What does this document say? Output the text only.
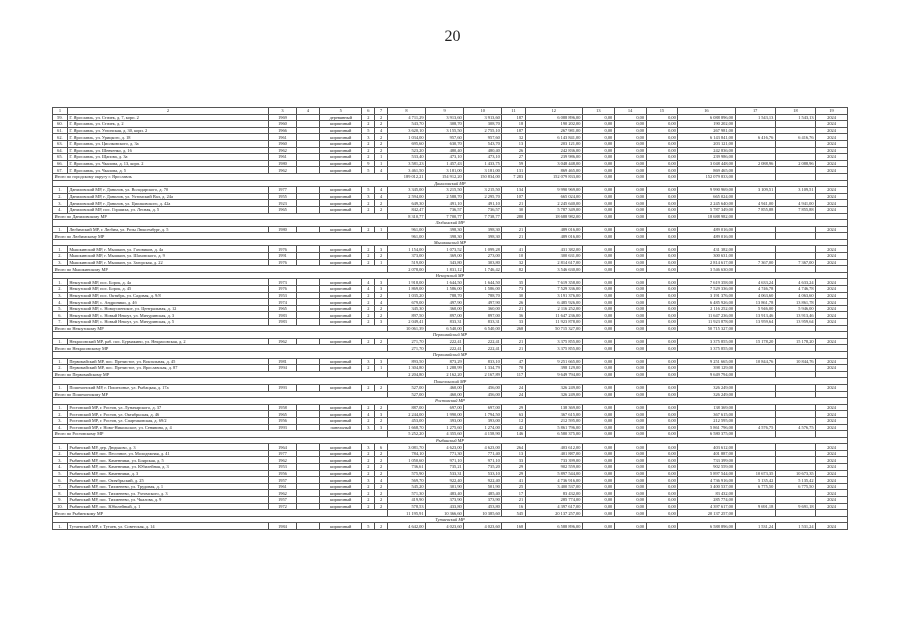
20
1	2	3	4	5	6	7	8	9	10	11	12	13	14	15	16	17	18	19
59.	Г. Ярославль, ул. Стачек, д. 7, корп. 2	1969		деревянный	2	2	4 711,29	3 913,60	3 913,60	187	6 088 896,00	0,00	0,00	0,00	6 088 896,00	1 543,13	1 543,13	2024
60.	Г. Ярославль, ул. Стачек, д. 2	1960		кирпичный	2	2	543,70	308,70	308,70	18	190 202,00	0,00	0,00	0,00	190 202,00			2024
61.	Г. Ярославль, ул. Угличская, д. 30, корп. 2	1966		кирпичный	5	4	3 620,10	3 155,50	2 755,10	187	267 981,00	0,00	0,00	0,00	267 981,00			2024
62.	Г. Ярославль, ул. Урицкого, д. 18	1961		кирпичный	3	2	1 034,00	957,60	957,60	32	6 143 841,00	0,00	0,00	0,00	6 143 841,00	6 416,76	6 416,76	2024
63.	Г. Ярославль, ул. Циолковского, д. 3а	1960		кирпичный	2	2	695,60	630,70	543,70	13	203 121,00	0,00	0,00	0,00	203 121,00			2024
64.	Г. Ярославль, ул. Шевченко, д. 16	1962		кирпичный	2	2	523,20	480,40	480,40	26	242 836,00	0,00	0,00	0,00	242 836,00			2024
65.	Г. Ярославль, ул. Щапова, д. 3а	1961		кирпичный	2	1	533,40	473,10	473,10	27	239 986,00	0,00	0,00	0,00	239 986,00			2024
66.	Г. Ярославль, ул. Чкалова, д. 13, корп. 2	1980		кирпичный	9	1	3 581,23	1 457,43	1 433,75	59	3 048 448,00	0,00	0,00	0,00	3 048 448,00	2 088,96	2 088,96	2024
67.	Г. Ярославль, ул. Чкалова, д. 5	1962		кирпичный	5	4	3 461,50	3 181,00	3 181,00	131	869 465,00	0,00	0,00	0,00	869 465,00			2024
Итого по городскому округу г. Ярославль							189 012,21	154 912,20	150 834,00	7 283	152 079 833,00	0,00	0,00	0,00	152 079 833,00			
Даниловский МР																		
1.	Даниловский МР, г. Данилов, ул. Володарского, д. 70	1977		кирпичный	5	4	3 345,00	3 215,50	3 215,50	134	9 990 969,00	0,00	0,00	0,00	9 990 969,00	3 109,51	3 109,51	2024
2.	Даниловский МР, г. Данилов, ул. Ухтомский Вал, д. 24а	1955		кирпичный	3	4	2 594,00	2 588,70	2 295,70	107	665 024,00	0,00	0,00	0,00	665 024,00			2024
3.	Даниловский МР, г. Данилов, ул. Циолковского, д. 42а	1923		кирпичный	2	2	649,30	491,10	491,10	21	2 245 640,00	0,00	0,00	0,00	2 245 640,00	4 941,00	4 941,00	2024
4.	Даниловский МР, пос. Горшиха, ул. Лесная, д. 5	1965		кирпичный	2	2	842,47	736,57	736,57	30	5 787 349,00	0,00	0,00	0,00	5 787 349,00	7 855,88	7 855,88	2024
Итого по Даниловскому МР							8 310,77	7 700,77	7 738,77	280	18 688 982,00	0,00	0,00	0,00	18 688 982,00			
Любимский МР																		
1.	Любимский МР, г. Любим, ул. Розы Люксембург, д. 5	1980		кирпичный	2	1	961,00	398,30	398,30	21	489 016,00	0,00	0,00	0,00	489 016,00			2024
Итого по Любимскому МР							961,00	398,30	398,30	21	489 016,00	0,00	0,00	0,00	489 016,00			
Мышкинский МР																		
1.	Мышкинский МР, г. Мышкин, ул. Газовиков, д. 4а	1976		кирпичный	2	3	1 154,00	1 073,52	1 099,28	41	431 382,00	0,00	0,00	0,00	431 382,00			2024
2.	Мышкинский МР, г. Мышкин, ул. Шаховского, д. 9	1991		кирпичный	2	2	373,00	369,00	273,00	10	300 631,00	0,00	0,00	0,00	300 631,00			2024
3.	Мышкинский МР, г. Мышкин, ул. Загорская, д. 22	1976		кирпичный	2	1	519,00	343,80	303,80	32	2 814 617,00	0,00	0,00	0,00	2 814 617,00	7 367,00	7 367,00	2024
Итого по Мышкинскому МР							2 078,00	1 831,12	1 746,42	82	3 546 630,00	0,00	0,00	0,00	3 546 630,00			
Некоузский МР																		
1.	Некоузский МР, пос. Борок, д. 4а	1973		кирпичный	4	3	1 918,00	1 644,50	1 644,50	35	7 619 358,00	0,00	0,00	0,00	7 619 358,00	4 633,24	4 633,24	2024
2.	Некоузский МР, пос. Борок, д. 45	1976		кирпичный	4	3	1 869,00	1 586,00	1 586,00	73	7 529 336,00	0,00	0,00	0,00	7 529 336,00	4 746,78	4 746,78	2024
3.	Некоузский МР, пос. Октябрь, ул. Садовая, д. 9/8	1953		кирпичный	2	2	1 035,20	788,70	788,70	30	3 191 376,00	0,00	0,00	0,00	3 191 376,00	4 063,60	4 063,60	2024
4.	Некоузский МР, с. Андроники, д. 4б	1974		кирпичный	2	4	679,00	497,90	497,90	26	6 485 926,00	0,00	0,00	0,00	6 485 926,00	13 861,78	13 861,78	2024
5.	Некоузский МР, с. Новоуспенское, ул. Центральная, д. 12	1965		кирпичный	2	2	345,30	360,00	360,00	21	2 116 252,00	0,00	0,00	0,00	2 116 252,00	5 946,00	5 946,00	2024
6.	Некоузский МР, с. Новый Некоуз, ул. Мичуринская, д. 3	1983		кирпичный	2	2	897,50	897,00	897,00	36	11 647 236,00	0,00	0,00	0,00	11 647 236,00	13 913,46	13 913,46	2024
7.	Некоузский МР, с. Новый Некоуз, ул. Мичуринская, д. 5	1983		кирпичный	2	3	2 049,41	833,31	833,31	33	11 923 878,00	0,00	0,00	0,00	11 923 878,00	13 959,64	13 959,64	2024
Итого по Некоузскому МР							10 061,39	6 540,00	6 540,00	268	50 715 327,00	0,00	0,00	0,00	50 715 327,00			
Первомайский МР																		
1.	Некрасовский МР, раб. пос. Бурмакино, ул. Некрасовская, д. 2	1962		кирпичный	2	2	271,70	222,41	222,41	21	3 375 855,00	0,00	0,00	0,00	3 375 855,00	15 178,20	15 178,20	2024
Итого по Некрасовскому МР							271,70	222,41	222,41	21	3 375 855,00	0,00	0,00	0,00	3 375 855,00			
Первомайский МР																		
1.	Первомайский МР, пос. Пречистое, ул. Вокзальная, д. 45	1981		кирпичный	3	3	893,50	873,29	833,10	47	9 251 665,00	0,00	0,00	0,00	9 251 665,00	10 844,76	10 844,76	2024
2.	Первомайский МР, пос. Пречистое, ул. Ярославская, д. 87	1994		кирпичный	2	1	1 304,80	1 288,99	1 334,79	70	398 129,00	0,00	0,00	0,00	398 129,00			2024
Итого по Первомайскому МР							2 204,80	2 162,20	2 167,89	117	9 649 794,00	0,00	0,00	0,00	9 649 794,00			
Пошехонский МР																		
1.	Пошехонский МР, г. Пошехонье, ул. Рыбацкая, д. 17а	1993		кирпичный	2	2	527,00	460,00	456,00	24	326 249,00	0,00	0,00	0,00	326 249,00			2024
Итого по Пошехонскому МР							527,00	460,00	456,00	24	326 249,00	0,00	0,00	0,00	326 249,00			
Ростовский МР																		
1.	Ростовский МР, г. Ростов, ул. Луначарского, д. 37	1958		кирпичный	2	2	887,00	697,00	697,00	29	138 369,00	0,00	0,00	0,00	138 369,00			2024
2.	Ростовский МР, г. Ростов, ул. Октябрьская, д. 46	1965		кирпичный	4	3	2 244,00	1 990,00	1 794,50	63	367 615,00	0,00	0,00	0,00	367 615,00			2024
3.	Ростовский МР, г. Ростов, ул. Спартаковская, д. 69/2	1956		кирпичный	2	2	453,00	393,00	393,00	12	212 595,00	0,00	0,00	0,00	212 595,00			2024
4.	Ростовский МР, г. Ново-Никольское, ул. Сенявина, д. 4	1993		панельный	3	3	1 668,70	1 275,60	1 274,00	42	5 861 796,00	0,00	0,00	0,00	5 861 796,00	4 576,75	4 576,75	2024
Итого по Ростовскому МР							5 252,20	4 355,60	4 158,90	146	6 580 375,00	0,00	0,00	0,00	6 580 375,00			
Рыбинский МР																		
1.	Рыбинский МР, дер. Дюдьково, д. 3	1964		кирпичный	3	6	3 081,70	4 623,00	4 623,00	264	403 612,00	0,00	0,00	0,00	403 612,00			2024
2.	Рыбинский МР, пос. Песочное, ул. Молодежная, д. 41	1977		кирпичный	2	2	784,10	771,30	771,40	13	401 887,00	0,00	0,00	0,00	401 887,00			2024
3.	Рыбинский МР, пос. Каменники, ул. Боярская, д. 5	1962		кирпичный	2	2	1 050,60	971,10	971,10	33	733 399,00	0,00	0,00	0,00	733 399,00			2024
4.	Рыбинский МР, пос. Каменники, ул. Юбилейная, д. 3	1953		кирпичный	2	2	736,61	735,21	735,20	29	902 559,00	0,00	0,00	0,00	902 559,00			2024
5.	Рыбинский МР, пос. Каменники, д. 3	1956		кирпичный	2	2	575,90	533,31	533,10	29	5 897 544,00	0,00	0,00	0,00	5 897 544,00	10 673,35	10 673,35	2024
6.	Рыбинский МР, пос. Октябрьский, д. 25	1957		кирпичный	3	4	569,70	922,40	922,40	41	4 736 916,00	0,00	0,00	0,00	4 736 916,00	5 135,42	5 135,42	2024
7.	Рыбинский МР, пос. Тихменево, ул. Трудовая, д. 1	1961		кирпичный	2	2	545,20	301,90	501,90	25	3 400 537,00	0,00	0,00	0,00	3 400 537,00	6 775,50	6 775,50	2024
8.	Рыбинский МР, пос. Тихменево, ул. Ухтомского, д. 3	1962		кирпичный	2	2	571,30	483,40	485,40	17	83 432,00	0,00	0,00	0,00	83 432,00			2024
9.	Рыбинский МР, пос. Тихменево, ул. Чкалова, д. 9	1957		кирпичный	2	2	419,90	373,90	373,90	21	285 774,00	0,00	0,00	0,00	285 774,00			2024
10.	Рыбинский МР, пос. Юбилейный, д. 1	1972		кирпичный	2	2	578,53	433,80	453,80	16	4 397 617,00	0,00	0,00	0,00	4 397 617,00	9 691,18	9 691,18	2024
Итого по Рыбинскому МР							11 195,91	10 366,60	10 385,60	545	20 137 257,00	0,00	0,00	0,00	20 137 257,00			
Тутаевский МР																		
1.	Тутаевский МР, г. Тутаев, ул. Советская, д. 14	1984		кирпичный	5	2	4 642,00	4 023,60	4 023,60	168	6 588 896,00	0,00	0,00	0,00	6 588 896,00	1 531,24	1 531,24	2024
